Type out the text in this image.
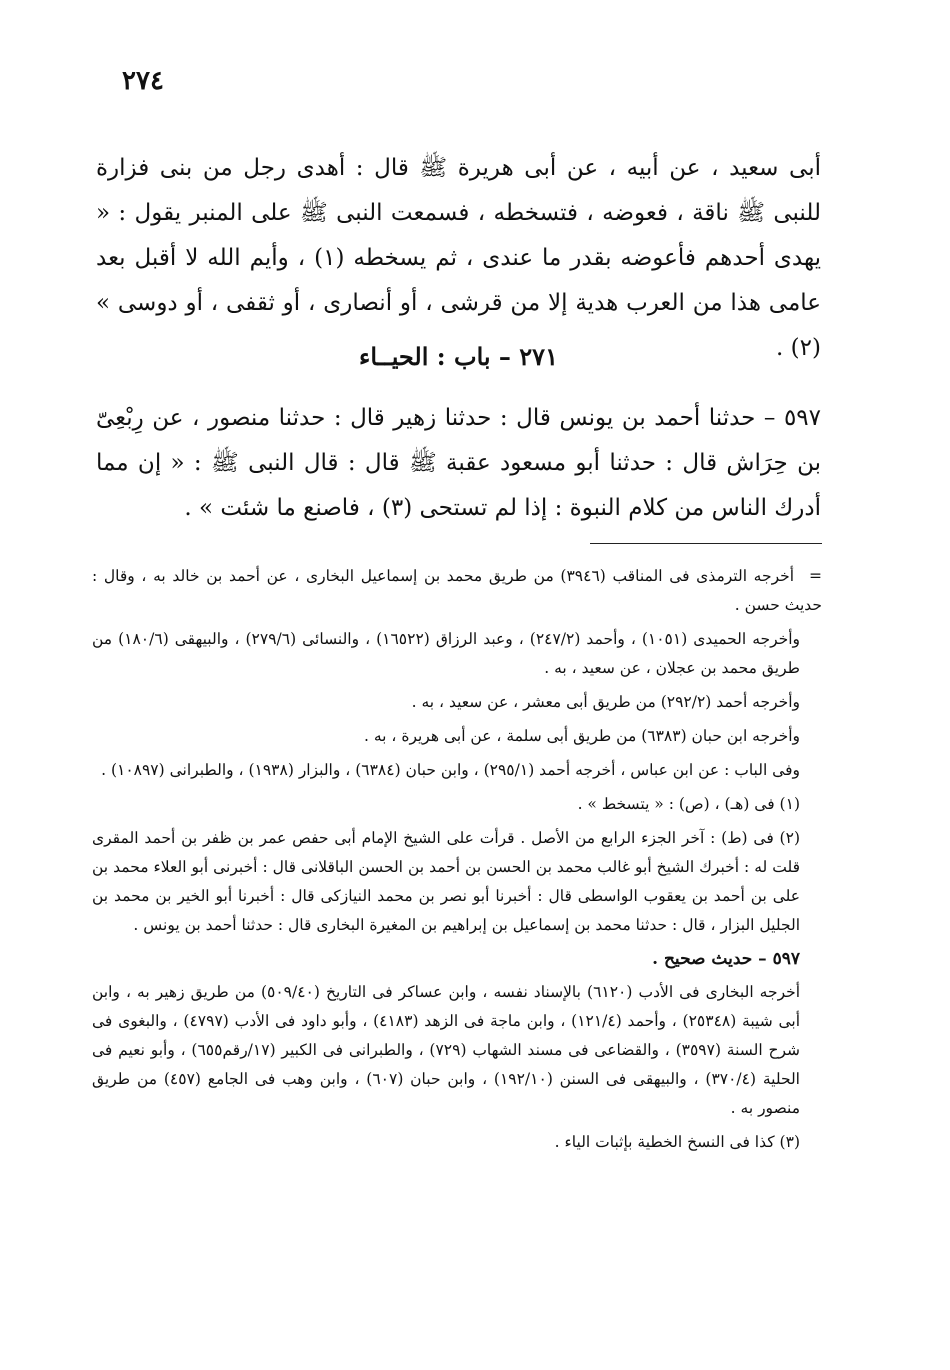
٢٧٤

أبى سعيد ، عن أبيه ، عن أبى هريرة ﷺ قال : أهدى رجل من بنى فزارة للنبى ﷺ ناقة ، فعوضه ، فتسخطه ، فسمعت النبى ﷺ على المنبر يقول : « يهدى أحدهم فأعوضه بقدر ما عندى ، ثم يسخطه (١) ، وأيم الله لا أقبل بعد عامى هذا من العرب هدية إلا من قرشى ، أو أنصارى ، أو ثقفى ، أو دوسى » (٢) .

٢٧١ – باب : الحيــاء
٥٩٧ – حدثنا أحمد بن يونس قال : حدثنا زهير قال : حدثنا منصور ، عن رِبْعِىّ بن حِرَاش قال : حدثنا أبو مسعود عقبة ﷺ قال : قال النبى ﷺ : « إن مما أدرك الناس من كلام النبوة : إذا لم تستحى (٣) ، فاصنع ما شئت » .

=أخرجه الترمذى فى المناقب (٣٩٤٦) من طريق محمد بن إسماعيل البخارى ، عن أحمد بن خالد به ، وقال : حديث حسن .

وأخرجه الحميدى (١٠٥١) ، وأحمد (٢٤٧/٢) ، وعبد الرزاق (١٦٥٢٢) ، والنسائى (٢٧٩/٦) ، والبيهقى (١٨٠/٦) من طريق محمد بن عجلان ، عن سعيد ، به .

وأخرجه أحمد (٢٩٢/٢) من طريق أبى معشر ، عن سعيد ، به .

وأخرجه ابن حبان (٦٣٨٣) من طريق أبى سلمة ، عن أبى هريرة ، به .

وفى الباب : عن ابن عباس ، أخرجه أحمد (٢٩٥/١) ، وابن حبان (٦٣٨٤) ، والبزار (١٩٣٨) ، والطبرانى (١٠٨٩٧) .

(١) فى (هـ) ، (ص) : « يتسخط » .

(٢) فى (ط) : آخر الجزء الرابع من الأصل . قرأت على الشيخ الإمام أبى حفص عمر بن ظفر بن أحمد المقرى قلت له : أخبرك الشيخ أبو غالب محمد بن الحسن بن أحمد بن الحسن الباقلانى قال : أخبرنى أبو العلاء محمد بن على بن أحمد بن يعقوب الواسطى قال : أخبرنا أبو نصر بن محمد النيازكى قال : أخبرنا أبو الخير بن محمد بن الجليل البزار ، قال : حدثنا محمد بن إسماعيل بن إبراهيم بن المغيرة البخارى قال : حدثنا أحمد بن يونس .

٥٩٧ – حديث صحيح .

أخرجه البخارى فى الأدب (٦١٢٠) بالإسناد نفسه ، وابن عساكر فى التاريخ (٥٠٩/٤٠) من طريق زهير به ، وابن أبى شيبة (٢٥٣٤٨) ، وأحمد (١٢١/٤) ، وابن ماجة فى الزهد (٤١٨٣) ، وأبو داود فى الأدب (٤٧٩٧) ، والبغوى فى شرح السنة (٣٥٩٧) ، والقضاعى فى مسند الشهاب (٧٢٩) ، والطبرانى فى الكبير (١٧/رقم٦٥٥) ، وأبو نعيم فى الحلية (٣٧٠/٤) ، والبيهقى فى السنن (١٩٢/١٠) ، وابن حبان (٦٠٧) ، وابن وهب فى الجامع (٤٥٧) من طريق منصور به .

(٣) كذا فى النسخ الخطية بإثبات الياء .
